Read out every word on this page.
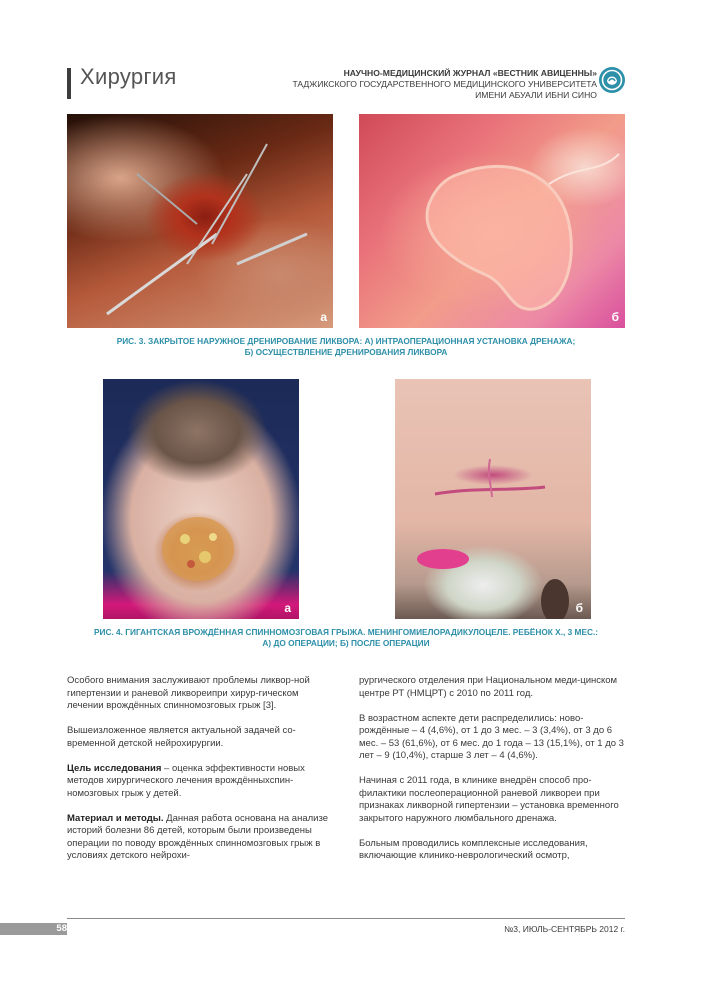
Хирургия	НАУЧНО-МЕДИЦИНСКИЙ ЖУРНАЛ «ВЕСТНИК АВИЦЕННЫ»
ТАДЖИКСКОГО ГОСУДАРСТВЕННОГО МЕДИЦИНСКОГО УНИВЕРСИТЕТА
ИМЕНИ АБУАЛИ ИБНИ СИНО
а	б
РИС. 3. ЗАКРЫТОЕ НАРУЖНОЕ ДРЕНИРОВАНИЕ ЛИКВОРА: А) ИНТРАОПЕРАЦИОННАЯ УСТАНОВКА ДРЕНАЖА;
Б) ОСУЩЕСТВЛЕНИЕ ДРЕНИРОВАНИЯ ЛИКВОРА
а	б
РИС. 4. ГИГАНТСКАЯ ВРОЖДЁННАЯ СПИННОМОЗГОВАЯ ГРЫЖА. МЕНИНГОМИЕЛОРАДИКУЛОЦЕЛЕ. РЕБЁНОК Х., 3 МЕС.:
А) ДО ОПЕРАЦИИ; Б) ПОСЛЕ ОПЕРАЦИИ

Особого внимания заслуживают проблемы ликвор-ной гипертензии и раневой ликвореипри хирур-гическом лечении врождённых спинномозговых грыж [3].

Вышеизложенное является актуальной задачей со-временной детской нейрохирургии.

Цель исследования – оценка эффективности новых методов хирургического лечения врождённыхспин-номозговых грыж у детей.

Материал и методы. Данная работа основана на анализе историй болезни 86 детей, которым были произведены операции по поводу врождённых спинномозговых грыж в условиях детского нейрохи-

рургического отделения при Национальном меди-цинском центре РТ (НМЦРТ) с 2010 по 2011 год.

В возрастном аспекте дети распределились: ново-рождённые – 4 (4,6%), от 1 до 3 мес. – 3 (3,4%), от 3 до 6 мес. – 53 (61,6%), от 6 мес. до 1 года – 13 (15,1%), от 1 до 3 лет – 9 (10,4%), старше 3 лет – 4 (4,6%).

Начиная с 2011 года, в клинике внедрён способ про-филактики послеоперационной раневой ликвореи при признаках ликворной гипертензии – установка временного закрытого наружного люмбального дренажа.

Больным проводились комплексные исследования, включающие клинико-неврологический осмотр,

58	№3, ИЮЛЬ-СЕНТЯБРЬ 2012 г.
